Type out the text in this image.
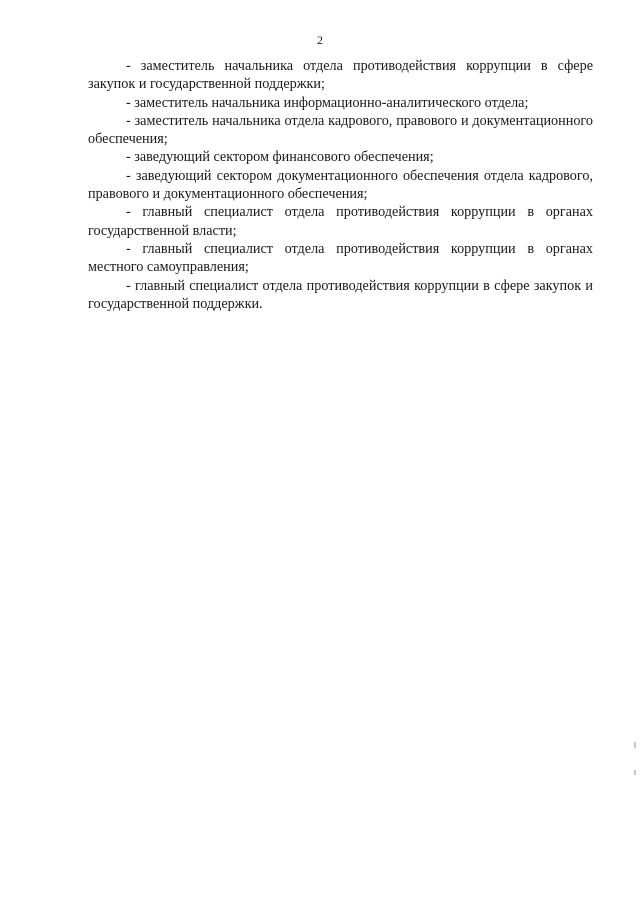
2

- заместитель начальника отдела противодействия коррупции в сфере закупок и государственной поддержки;

- заместитель начальника информационно-аналитического отдела;

- заместитель начальника отдела кадрового, правового и документационного обеспечения;

- заведующий сектором финансового обеспечения;

- заведующий сектором документационного обеспечения отдела кадрового, правового и документационного обеспечения;

- главный специалист отдела противодействия коррупции в органах государственной власти;

- главный специалист отдела противодействия коррупции в органах местного самоуправления;

- главный специалист отдела противодействия коррупции в сфере закупок и государственной поддержки.
